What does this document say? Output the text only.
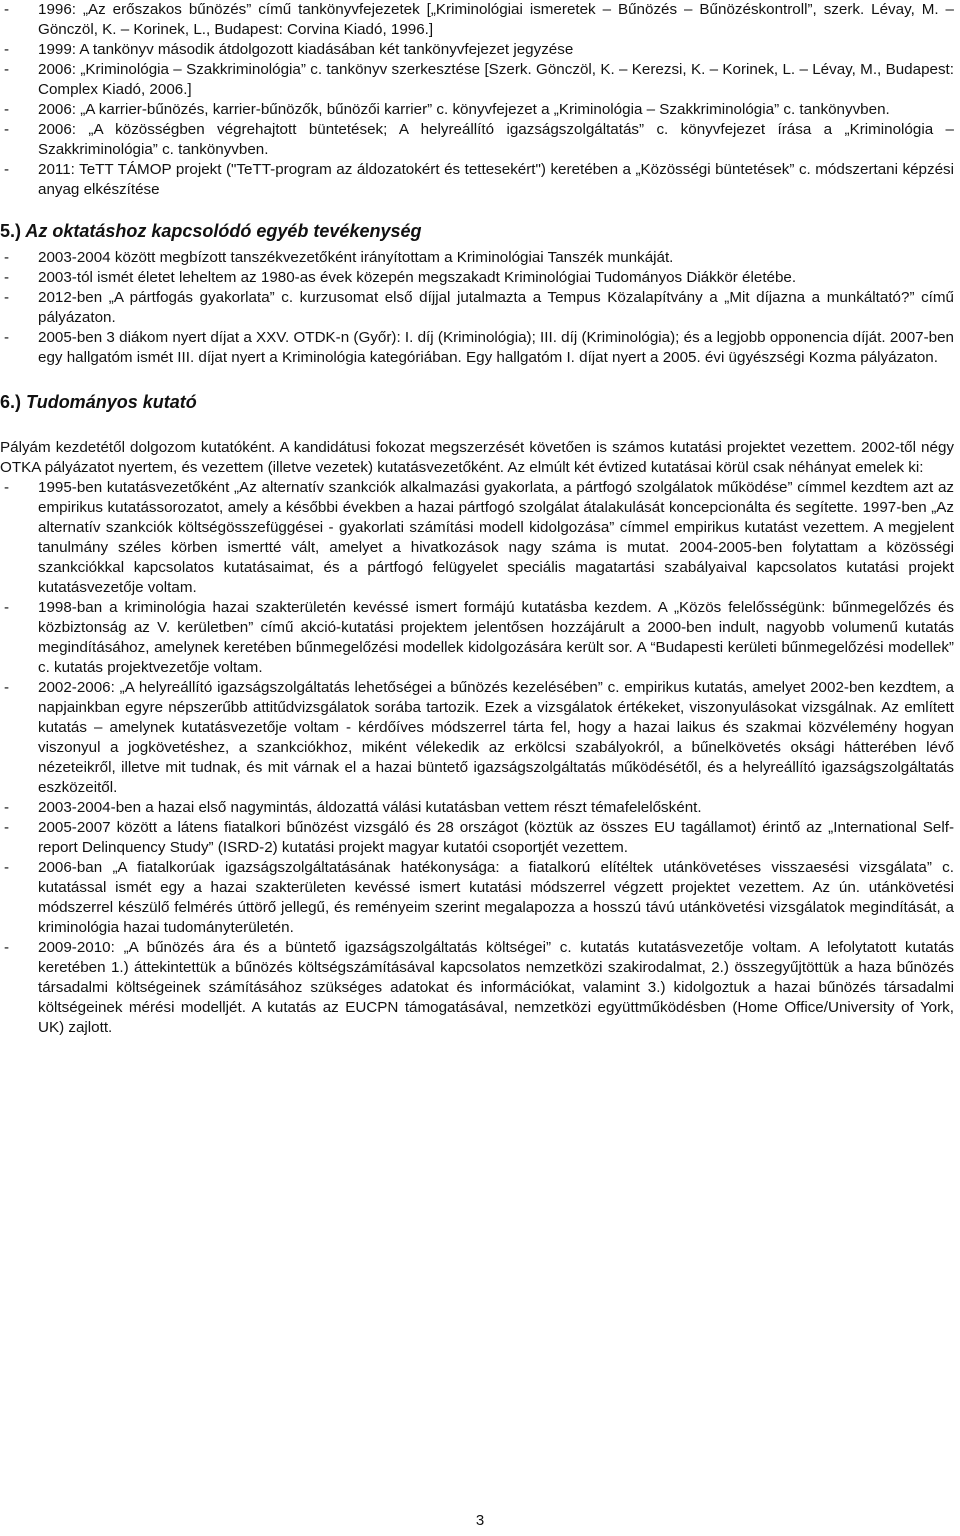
- 1996: „Az erőszakos bűnözés” című tankönyvfejezetek [„Kriminológiai ismeretek – Bűnözés – Bűnözéskontroll”, szerk. Lévay, M. – Gönczöl, K. – Korinek, L., Budapest: Corvina Kiadó, 1996.]
- 1999: A tankönyv második átdolgozott kiadásában két tankönyvfejezet jegyzése
- 2006: „Kriminológia – Szakkriminológia” c. tankönyv szerkesztése [Szerk. Gönczöl, K. – Kerezsi, K. – Korinek, L. – Lévay, M., Budapest: Complex Kiadó, 2006.]
- 2006: „A karrier-bűnözés, karrier-bűnözők, bűnözői karrier” c. könyvfejezet a „Kriminológia – Szakkriminológia” c. tankönyvben.
- 2006: „A közösségben végrehajtott büntetések; A helyreállító igazságszolgáltatás” c. könyvfejezet írása a „Kriminológia – Szakkriminológia” c. tankönyvben.
- 2011: TeTT TÁMOP projekt ("TeTT-program az áldozatokért és tettesekért") keretében a „Közösségi büntetések” c. módszertani képzési anyag elkészítése
5.) Az oktatáshoz kapcsolódó egyéb tevékenység
- 2003-2004 között megbízott tanszékvezetőként irányítottam a Kriminológiai Tanszék munkáját.
- 2003-tól ismét életet leheltem az 1980-as évek közepén megszakadt Kriminológiai Tudományos Diákkör életébe.
- 2012-ben „A pártfogás gyakorlata” c. kurzusomat első díjjal jutalmazta a Tempus Közalapítvány a „Mit díjazna a munkáltató?” című pályázaton.
- 2005-ben 3 diákom nyert díjat a XXV. OTDK-n (Győr): I. díj (Kriminológia); III. díj (Kriminológia); és a legjobb opponencia díját. 2007-ben egy hallgatóm ismét III. díjat nyert a Kriminológia kategóriában. Egy hallgatóm I. díjat nyert a 2005. évi ügyészségi Kozma pályázaton.
6.) Tudományos kutató

Pályám kezdetétől dolgozom kutatóként. A kandidátusi fokozat megszerzését követően is számos kutatási projektet vezettem. 2002-től négy OTKA pályázatot nyertem, és vezettem (illetve vezetek) kutatásvezetőként. Az elmúlt két évtized kutatásai körül csak néhányat emelek ki:

- 1995-ben kutatásvezetőként „Az alternatív szankciók alkalmazási gyakorlata, a pártfogó szolgálatok működése” címmel kezdtem azt az empirikus kutatássorozatot, amely a későbbi években a hazai pártfogó szolgálat átalakulását koncepcionálta és segítette. 1997-ben „Az alternatív szankciók költségösszefüggései - gyakorlati számítási modell kidolgozása” címmel empirikus kutatást vezettem. A megjelent tanulmány széles körben ismertté vált, amelyet a hivatkozások nagy száma is mutat. 2004-2005-ben folytattam a közösségi szankciókkal kapcsolatos kutatásaimat, és a pártfogó felügyelet speciális magatartási szabályaival kapcsolatos kutatási projekt kutatásvezetője voltam.
- 1998-ban a kriminológia hazai szakterületén kevéssé ismert formájú kutatásba kezdem. A „Közös felelősségünk: bűnmegelőzés és közbiztonság az V. kerületben” című akció-kutatási projektem jelentősen hozzájárult a 2000-ben indult, nagyobb volumenű kutatás megindításához, amelynek keretében bűnmegelőzési modellek kidolgozására került sor. A “Budapesti kerületi bűnmegelőzési modellek” c. kutatás projektvezetője voltam.
- 2002-2006: „A helyreállító igazságszolgáltatás lehetőségei a bűnözés kezelésében” c. empirikus kutatás, amelyet 2002-ben kezdtem, a napjainkban egyre népszerűbb attitűdvizsgálatok sorába tartozik. Ezek a vizsgálatok értékeket, viszonyulásokat vizsgálnak. Az említett kutatás – amelynek kutatásvezetője voltam - kérdőíves módszerrel tárta fel, hogy a hazai laikus és szakmai közvélemény hogyan viszonyul a jogkövetéshez, a szankciókhoz, miként vélekedik az erkölcsi szabályokról, a bűnelkövetés oksági hátterében lévő nézeteikről, illetve mit tudnak, és mit várnak el a hazai büntető igazságszolgáltatás működésétől, és a helyreállító igazságszolgáltatás eszközeitől.
- 2003-2004-ben a hazai első nagymintás, áldozattá válási kutatásban vettem részt témafelelősként.
- 2005-2007 között a látens fiatalkori bűnözést vizsgáló és 28 országot (köztük az összes EU tagállamot) érintő az „International Self-report Delinquency Study” (ISRD-2) kutatási projekt magyar kutatói csoportjét vezettem.
- 2006-ban „A fiatalkorúak igazságszolgáltatásának hatékonysága: a fiatalkorú elítéltek utánkövetéses visszaesési vizsgálata” c. kutatással ismét egy a hazai szakterületen kevéssé ismert kutatási módszerrel végzett projektet vezettem. Az ún. utánkövetési módszerrel készülő felmérés úttörő jellegű, és reményeim szerint megalapozza a hosszú távú utánkövetési vizsgálatok megindítását, a kriminológia hazai tudományterületén.
- 2009-2010: „A bűnözés ára és a büntető igazságszolgáltatás költségei” c. kutatás kutatásvezetője voltam. A lefolytatott kutatás keretében 1.) áttekintettük a bűnözés költségszámításával kapcsolatos nemzetközi szakirodalmat, 2.) összegyűjtöttük a haza bűnözés társadalmi költségeinek számításához szükséges adatokat és információkat, valamint 3.) kidolgoztuk a hazai bűnözés társadalmi költségeinek mérési modelljét. A kutatás az EUCPN támogatásával, nemzetközi együttműködésben (Home Office/University of York, UK) zajlott.
3
